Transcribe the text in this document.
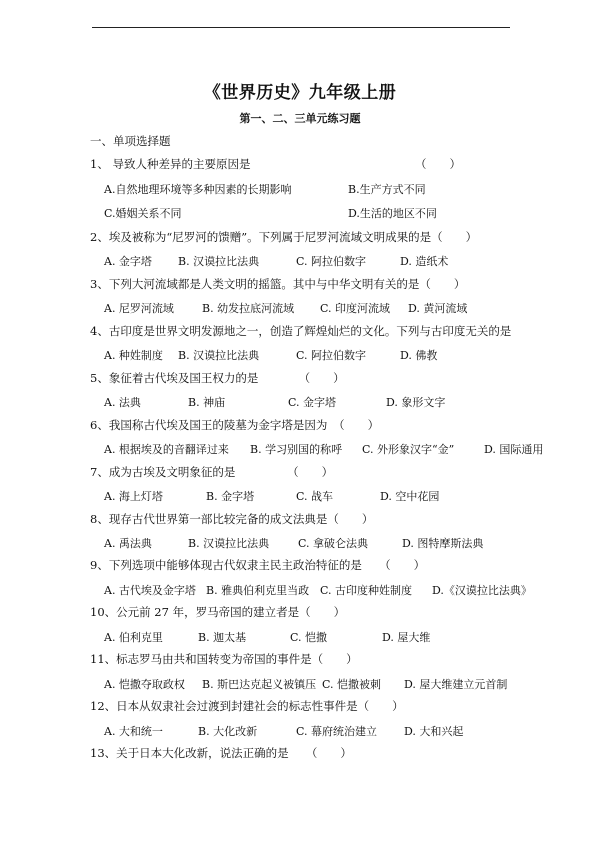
《世界历史》九年级上册
第一、二、三单元练习题
一、单项选择题
1、 导致人种差异的主要原因是	（　　）
A.自然地理环境等多种因素的长期影响	B.生产方式不同
C.婚姻关系不同	D.生活的地区不同
2、埃及被称为“尼罗河的馈赠”。下列属于尼罗河流域文明成果的是（　　）
A. 金字塔 B. 汉谟拉比法典	C. 阿拉伯数字	D. 造纸术
3、下列大河流域都是人类文明的摇篮。其中与中华文明有关的是（　　）
A. 尼罗河流域	B. 幼发拉底河流域 C. 印度河流域 D. 黄河流域
4、古印度是世界文明发源地之一，创造了辉煌灿烂的文化。下列与古印度无关的是
A. 种姓制度 B. 汉谟拉比法典	C. 阿拉伯数字	D. 佛教
5、象征着古代埃及国王权力的是　　　　（　　）
A. 法典	B. 神庙	C. 金字塔	D. 象形文字
6、我国称古代埃及国王的陵墓为金字塔是因为　（　　）
A. 根据埃及的音翻译过来 B. 学习别国的称呼 C. 外形象汉字“金”	D. 国际通用
7、成为古埃及文明象征的是　　　　　（　　）
A. 海上灯塔	B. 金字塔	C. 战车	D. 空中花园
8、现存古代世界第一部比较完备的成文法典是（　　）
A. 禹法典	B. 汉谟拉比法典	C. 拿破仑法典	D. 图特摩斯法典
9、下列选项中能够体现古代奴隶主民主政治特征的是　　（　　）
A. 古代埃及金字塔 B. 雅典伯利克里当政 C. 古印度种姓制度 D.《汉谟拉比法典》
10、公元前 27 年，罗马帝国的建立者是（　　）
A. 伯利克里	B. 迦太基	C. 恺撒	D. 屋大维
11、标志罗马由共和国转变为帝国的事件是（　　）
A. 恺撒夺取政权 B. 斯巴达克起义被镇压 C. 恺撒被刺 D. 屋大维建立元首制
12、日本从奴隶社会过渡到封建社会的标志性事件是（　　）
A. 大和统一	B. 大化改新	C. 幕府统治建立 D. 大和兴起
13、关于日本大化改新，说法正确的是　　（　　）
